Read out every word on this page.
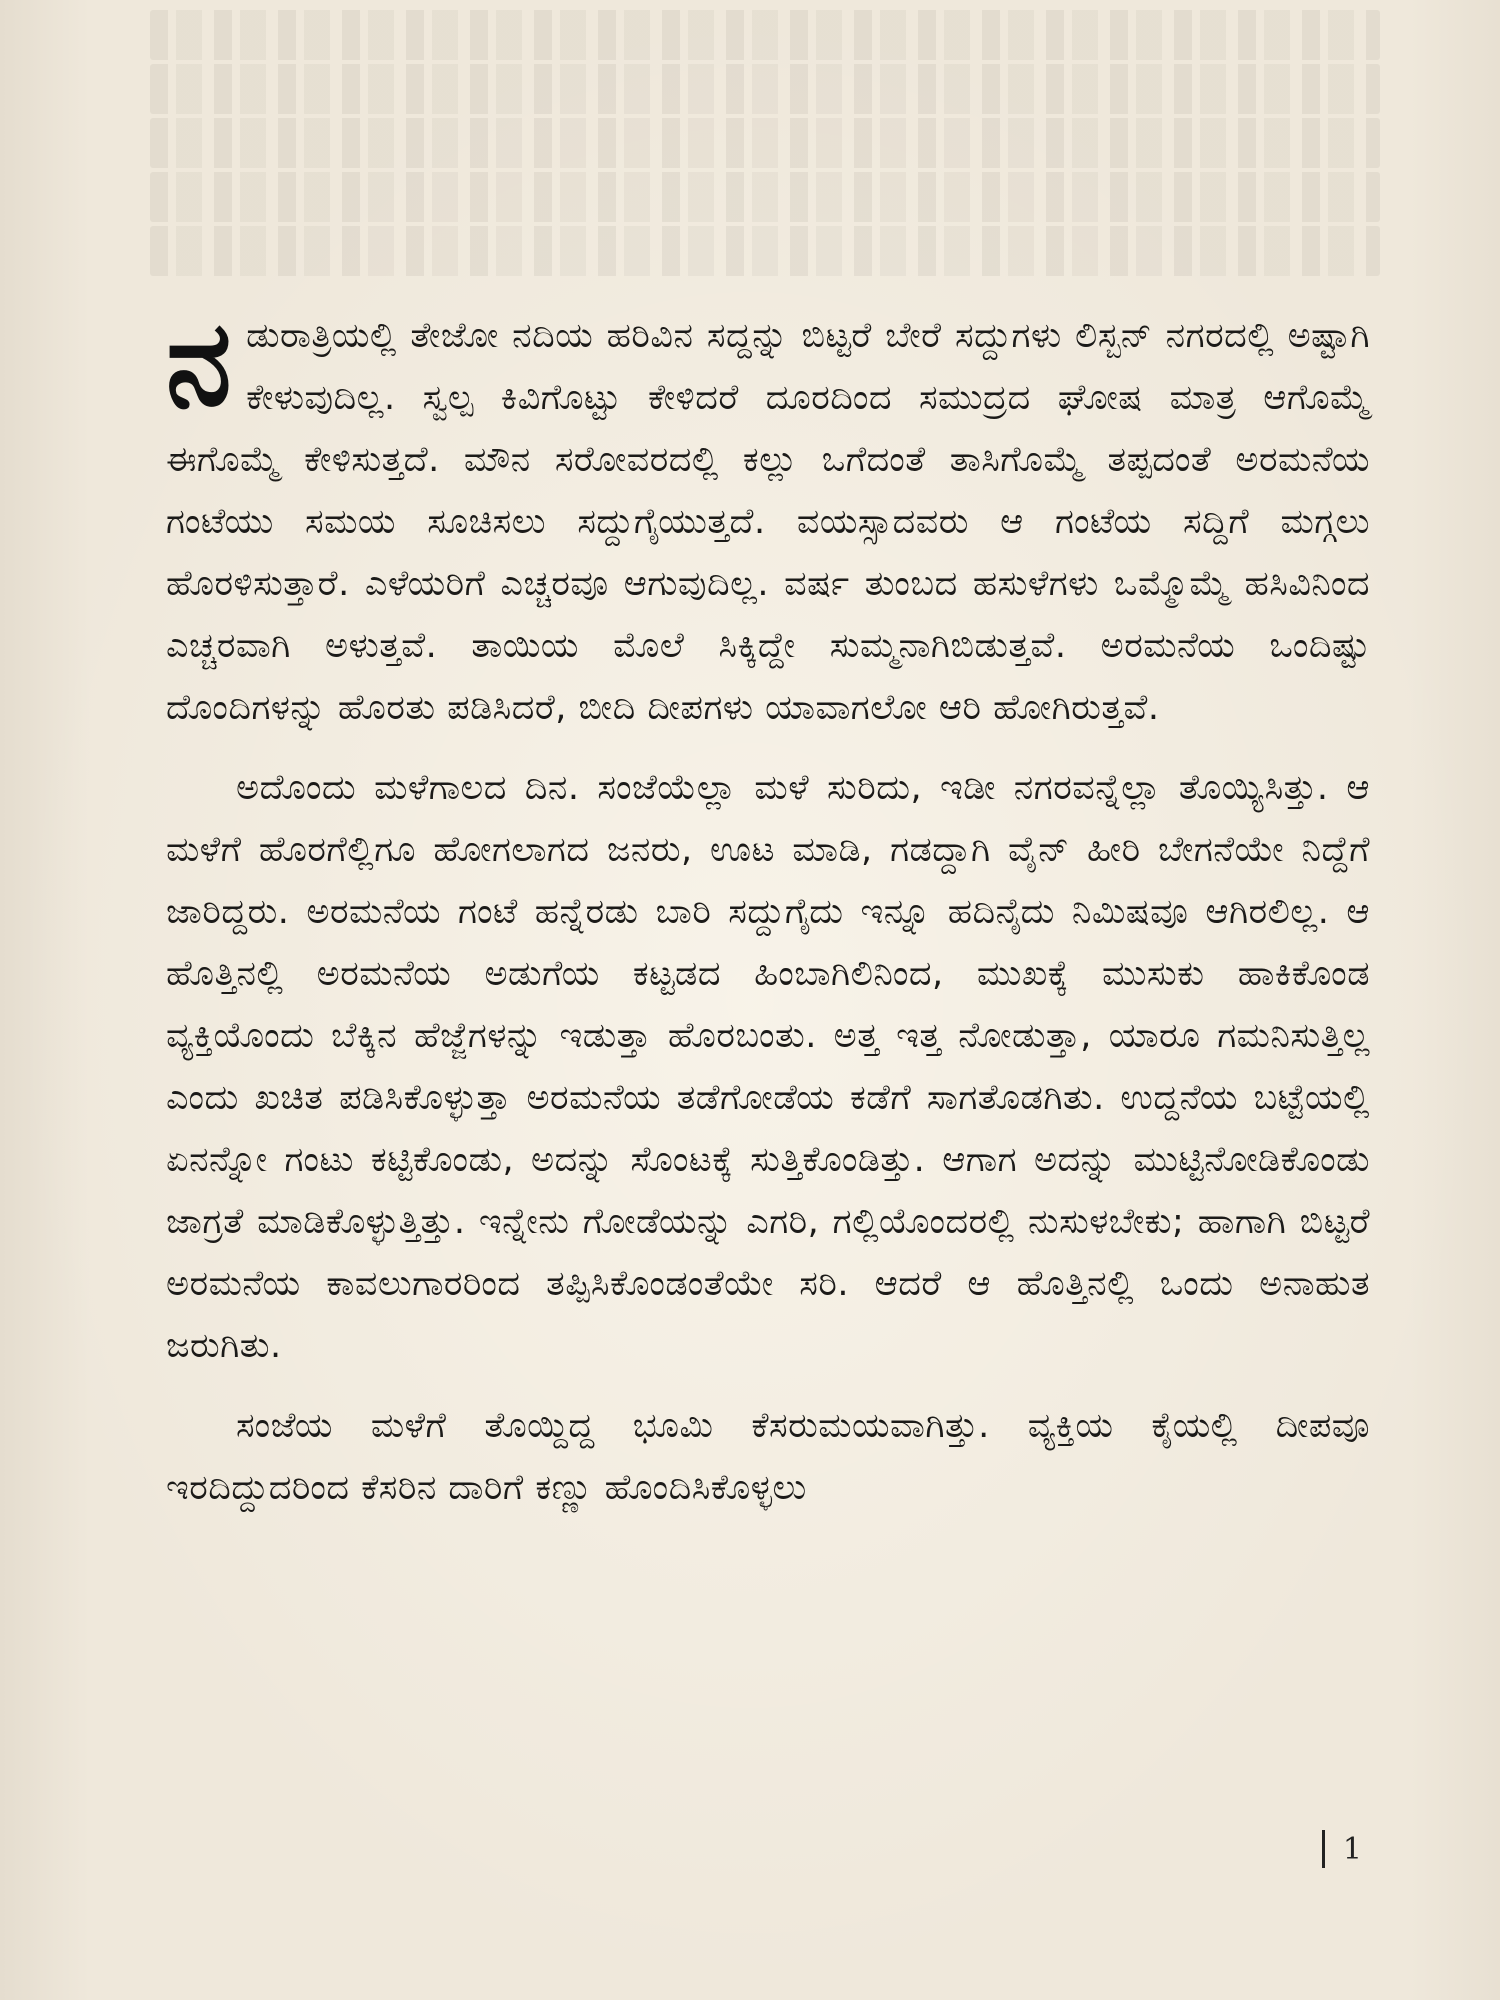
ನಡುರಾತ್ರಿಯಲ್ಲಿ ತೇಜೋ ನದಿಯ ಹರಿವಿನ ಸದ್ದನ್ನು ಬಿಟ್ಟರೆ ಬೇರೆ ಸದ್ದುಗಳು ಲಿಸ್ಬನ್ ನಗರದಲ್ಲಿ ಅಷ್ಟಾಗಿ ಕೇಳುವುದಿಲ್ಲ. ಸ್ವಲ್ಪ ಕಿವಿಗೊಟ್ಟು ಕೇಳಿದರೆ ದೂರದಿಂದ ಸಮುದ್ರದ ಘೋಷ ಮಾತ್ರ ಆಗೊಮ್ಮೆ ಈಗೊಮ್ಮೆ ಕೇಳಿಸುತ್ತದೆ. ಮೌನ ಸರೋವರದಲ್ಲಿ ಕಲ್ಲು ಒಗೆದಂತೆ ತಾಸಿಗೊಮ್ಮೆ ತಪ್ಪದಂತೆ ಅರಮನೆಯ ಗಂಟೆಯು ಸಮಯ ಸೂಚಿಸಲು ಸದ್ದುಗೈಯುತ್ತದೆ. ವಯಸ್ಸಾದವರು ಆ ಗಂಟೆಯ ಸದ್ದಿಗೆ ಮಗ್ಗಲು ಹೊರಳಿಸುತ್ತಾರೆ. ಎಳೆಯರಿಗೆ ಎಚ್ಚರವೂ ಆಗುವುದಿಲ್ಲ. ವರ್ಷ ತುಂಬದ ಹಸುಳೆಗಳು ಒಮ್ಮೊಮ್ಮೆ ಹಸಿವಿನಿಂದ ಎಚ್ಚರವಾಗಿ ಅಳುತ್ತವೆ. ತಾಯಿಯ ಮೊಲೆ ಸಿಕ್ಕಿದ್ದೇ ಸುಮ್ಮನಾಗಿಬಿಡುತ್ತವೆ. ಅರಮನೆಯ ಒಂದಿಷ್ಟು ದೊಂದಿಗಳನ್ನು ಹೊರತು ಪಡಿಸಿದರೆ, ಬೀದಿ ದೀಪಗಳು ಯಾವಾಗಲೋ ಆರಿ ಹೋಗಿರುತ್ತವೆ.

ಅದೊಂದು ಮಳೆಗಾಲದ ದಿನ. ಸಂಜೆಯೆಲ್ಲಾ ಮಳೆ ಸುರಿದು, ಇಡೀ ನಗರವನ್ನೆಲ್ಲಾ ತೊಯ್ಯಿಸಿತ್ತು. ಆ ಮಳೆಗೆ ಹೊರಗೆಲ್ಲಿಗೂ ಹೋಗಲಾಗದ ಜನರು, ಊಟ ಮಾಡಿ, ಗಡದ್ದಾಗಿ ವೈನ್ ಹೀರಿ ಬೇಗನೆಯೇ ನಿದ್ದೆಗೆ ಜಾರಿದ್ದರು. ಅರಮನೆಯ ಗಂಟೆ ಹನ್ನೆರಡು ಬಾರಿ ಸದ್ದುಗೈದು ಇನ್ನೂ ಹದಿನೈದು ನಿಮಿಷವೂ ಆಗಿರಲಿಲ್ಲ. ಆ ಹೊತ್ತಿನಲ್ಲಿ ಅರಮನೆಯ ಅಡುಗೆಯ ಕಟ್ಟಡದ ಹಿಂಬಾಗಿಲಿನಿಂದ, ಮುಖಕ್ಕೆ ಮುಸುಕು ಹಾಕಿಕೊಂಡ ವ್ಯಕ್ತಿಯೊಂದು ಬೆಕ್ಕಿನ ಹೆಜ್ಜೆಗಳನ್ನು ಇಡುತ್ತಾ ಹೊರಬಂತು. ಅತ್ತ ಇತ್ತ ನೋಡುತ್ತಾ, ಯಾರೂ ಗಮನಿಸುತ್ತಿಲ್ಲ ಎಂದು ಖಚಿತ ಪಡಿಸಿಕೊಳ್ಳುತ್ತಾ ಅರಮನೆಯ ತಡೆಗೋಡೆಯ ಕಡೆಗೆ ಸಾಗತೊಡಗಿತು. ಉದ್ದನೆಯ ಬಟ್ಟೆಯಲ್ಲಿ ಏನನ್ನೋ ಗಂಟು ಕಟ್ಟಿಕೊಂಡು, ಅದನ್ನು ಸೊಂಟಕ್ಕೆ ಸುತ್ತಿಕೊಂಡಿತ್ತು. ಆಗಾಗ ಅದನ್ನು ಮುಟ್ಟಿನೋಡಿಕೊಂಡು ಜಾಗ್ರತೆ ಮಾಡಿಕೊಳ್ಳುತ್ತಿತ್ತು. ಇನ್ನೇನು ಗೋಡೆಯನ್ನು ಎಗರಿ, ಗಲ್ಲಿಯೊಂದರಲ್ಲಿ ನುಸುಳಬೇಕು; ಹಾಗಾಗಿ ಬಿಟ್ಟರೆ ಅರಮನೆಯ ಕಾವಲುಗಾರರಿಂದ ತಪ್ಪಿಸಿಕೊಂಡಂತೆಯೇ ಸರಿ. ಆದರೆ ಆ ಹೊತ್ತಿನಲ್ಲಿ ಒಂದು ಅನಾಹುತ ಜರುಗಿತು.

ಸಂಜೆಯ ಮಳೆಗೆ ತೊಯ್ದಿದ್ದ ಭೂಮಿ ಕೆಸರುಮಯವಾಗಿತ್ತು. ವ್ಯಕ್ತಿಯ ಕೈಯಲ್ಲಿ ದೀಪವೂ ಇರದಿದ್ದುದರಿಂದ ಕೆಸರಿನ ದಾರಿಗೆ ಕಣ್ಣು ಹೊಂದಿಸಿಕೊಳ್ಳಲು

1
